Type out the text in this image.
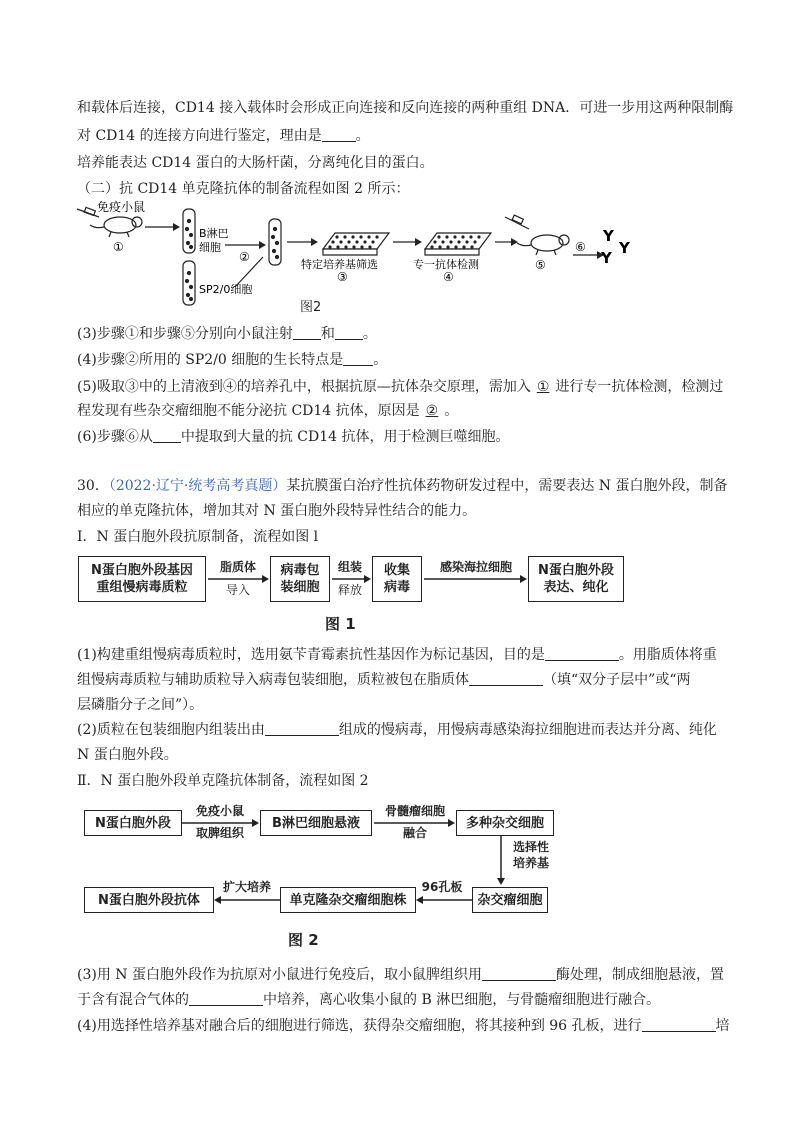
和载体后连接，CD14 接入载体时会形成正向连接和反向连接的两种重组 DNA．可进一步用这两种限制酶
对 CD14 的连接方向进行鉴定，理由是 。
培养能表达 CD14 蛋白的大肠杆菌，分离纯化目的蛋白。
（二）抗 CD14 单克隆抗体的制备流程如图 2 所示：
免疫小鼠
①
B淋巴
细胞
SP2/0细胞
②
特定培养基筛选
③
专一抗体检测
④
⑤
⑥
Y
Y
Y
图2
(3)步骤①和步骤⑤分别向小鼠注射 和 。
(4)步骤②所用的 SP2/0 细胞的生长特点是 。
(5)吸取③中的上清液到④的培养孔中，根据抗原—抗体杂交原理，需加入 ① 进行专一抗体检测，检测过
程发现有些杂交瘤细胞不能分泌抗 CD14 抗体，原因是 ② 。
(6)步骤⑥从 中提取到大量的抗 CD14 抗体，用于检测巨噬细胞。
30．（2022·辽宁·统考高考真题）某抗膜蛋白治疗性抗体药物研发过程中，需要表达 N 蛋白胞外段，制备
相应的单克隆抗体，增加其对 N 蛋白胞外段特异性结合的能力。
Ⅰ．N 蛋白胞外段抗原制备，流程如图 l
N蛋白胞外段基因
重组慢病毒质粒
脂质体
导入
病毒包
装细胞
组装
释放
收集
病毒
感染海拉细胞	N蛋白胞外段
表达、纯化
图 1
(1)构建重组慢病毒质粒时，选用氨苄青霉素抗性基因作为标记基因，目的是	。用脂质体将重
组慢病毒质粒与辅助质粒导入病毒包装细胞，质粒被包在脂质体	（填“双分子层中”或“两
层磷脂分子之间”）。
(2)质粒在包装细胞内组装出由	组成的慢病毒，用慢病毒感染海拉细胞进而表达并分离、纯化
N 蛋白胞外段。
Ⅱ．N 蛋白胞外段单克隆抗体制备，流程如图 2
N蛋白胞外段
免疫小鼠
取脾组织
B淋巴细胞悬液
骨髓瘤细胞
融合
多种杂交细胞
选择性
培养基
杂交瘤细胞
96孔板
单克隆杂交瘤细胞株
扩大培养
N蛋白胞外段抗体
图 2
(3)用 N 蛋白胞外段作为抗原对小鼠进行免疫后，取小鼠脾组织用	酶处理，制成细胞悬液，置
于含有混合气体的	中培养，离心收集小鼠的 B 淋巴细胞，与骨髓瘤细胞进行融合。
(4)用选择性培养基对融合后的细胞进行筛选，获得杂交瘤细胞，将其接种到 96 孔板，进行	培
